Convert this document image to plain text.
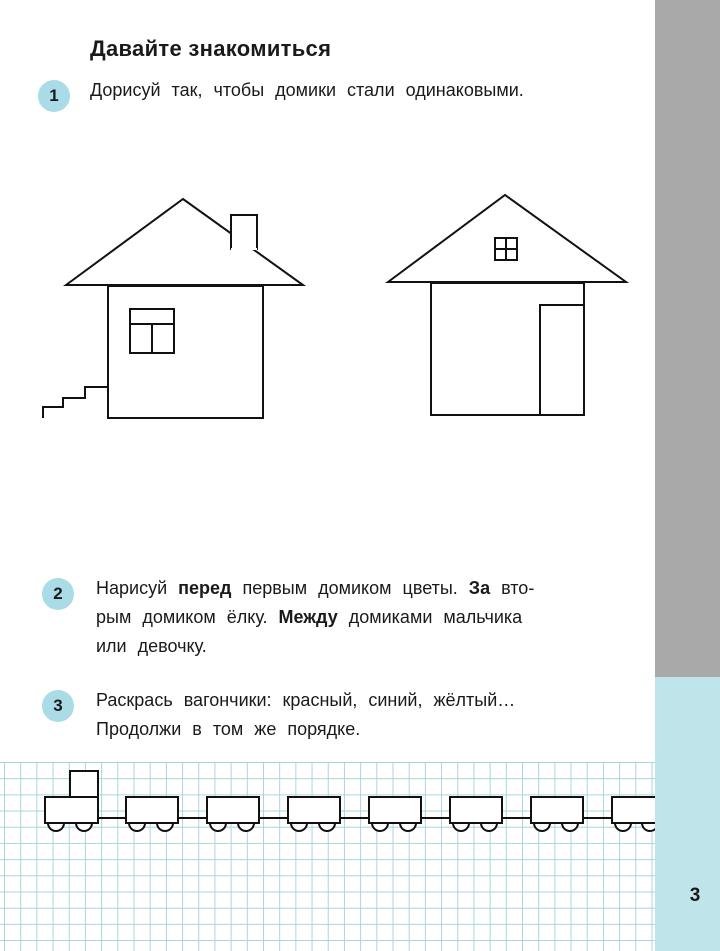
Давайте знакомиться
1	Дорисуй так, чтобы домики стали одинаковыми.
2	Нарисуй перед первым домиком цветы. За вто-
рым домиком ёлку. Между домиками мальчика
или девочку.
3	Раскрась вагончики: красный, синий, жёлтый…
Продолжи в том же порядке.
3
